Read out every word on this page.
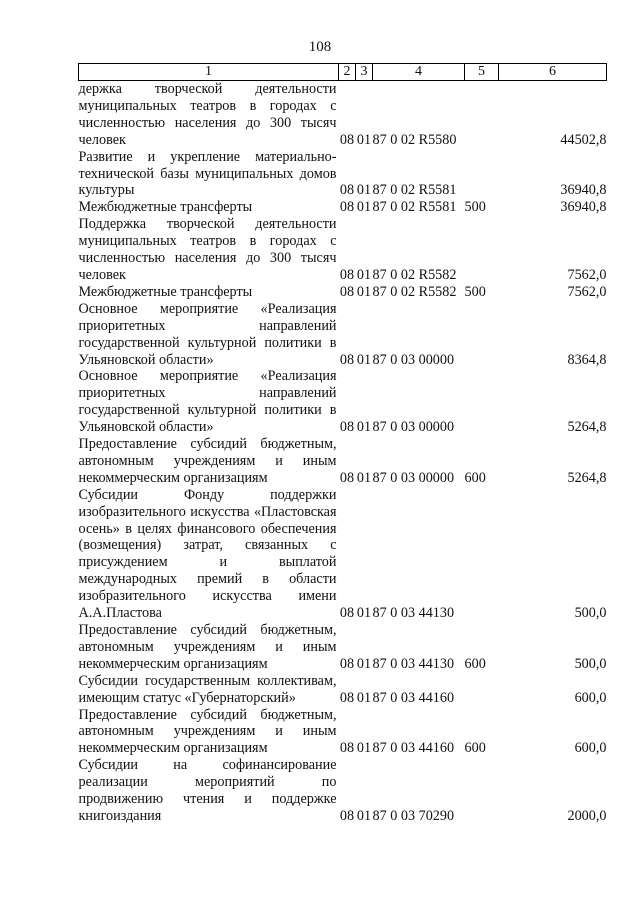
108
1	2	3	4	5	6
держка творческой деятельности муниципальных театров в городах с численностью населения до 300 тысяч человек	08	01	87 0 02 R5580		44502,8
Развитие и укрепление материально-технической базы муниципальных домов культуры	08	01	87 0 02 R5581		36940,8
Межбюджетные трансферты	08	01	87 0 02 R5581	500	36940,8
Поддержка творческой деятельности муниципальных театров в городах с численностью населения до 300 тысяч человек	08	01	87 0 02 R5582		7562,0
Межбюджетные трансферты	08	01	87 0 02 R5582	500	7562,0
Основное мероприятие «Реализация приоритетных направлений государственной культурной политики в Ульяновской области»	08	01	87 0 03 00000		8364,8
Основное мероприятие «Реализация приоритетных направлений государственной культурной политики в Ульяновской области»	08	01	87 0 03 00000		5264,8
Предоставление субсидий бюджетным, автономным учреждениям и иным некоммерческим организациям	08	01	87 0 03 00000	600	5264,8
Субсидии Фонду поддержки изобразительного искусства «Пластовская осень» в целях финансового обеспечения (возмещения) затрат, связанных с присуждением и выплатой международных премий в области изобразительного искусства имени А.А.Пластова	08	01	87 0 03 44130		500,0
Предоставление субсидий бюджетным, автономным учреждениям и иным некоммерческим организациям	08	01	87 0 03 44130	600	500,0
Субсидии государственным коллективам, имеющим статус «Губернаторский»	08	01	87 0 03 44160		600,0
Предоставление субсидий бюджетным, автономным учреждениям и иным некоммерческим организациям	08	01	87 0 03 44160	600	600,0
Субсидии на софинансирование реализации мероприятий по продвижению чтения и поддержке книгоиздания	08	01	87 0 03 70290		2000,0
